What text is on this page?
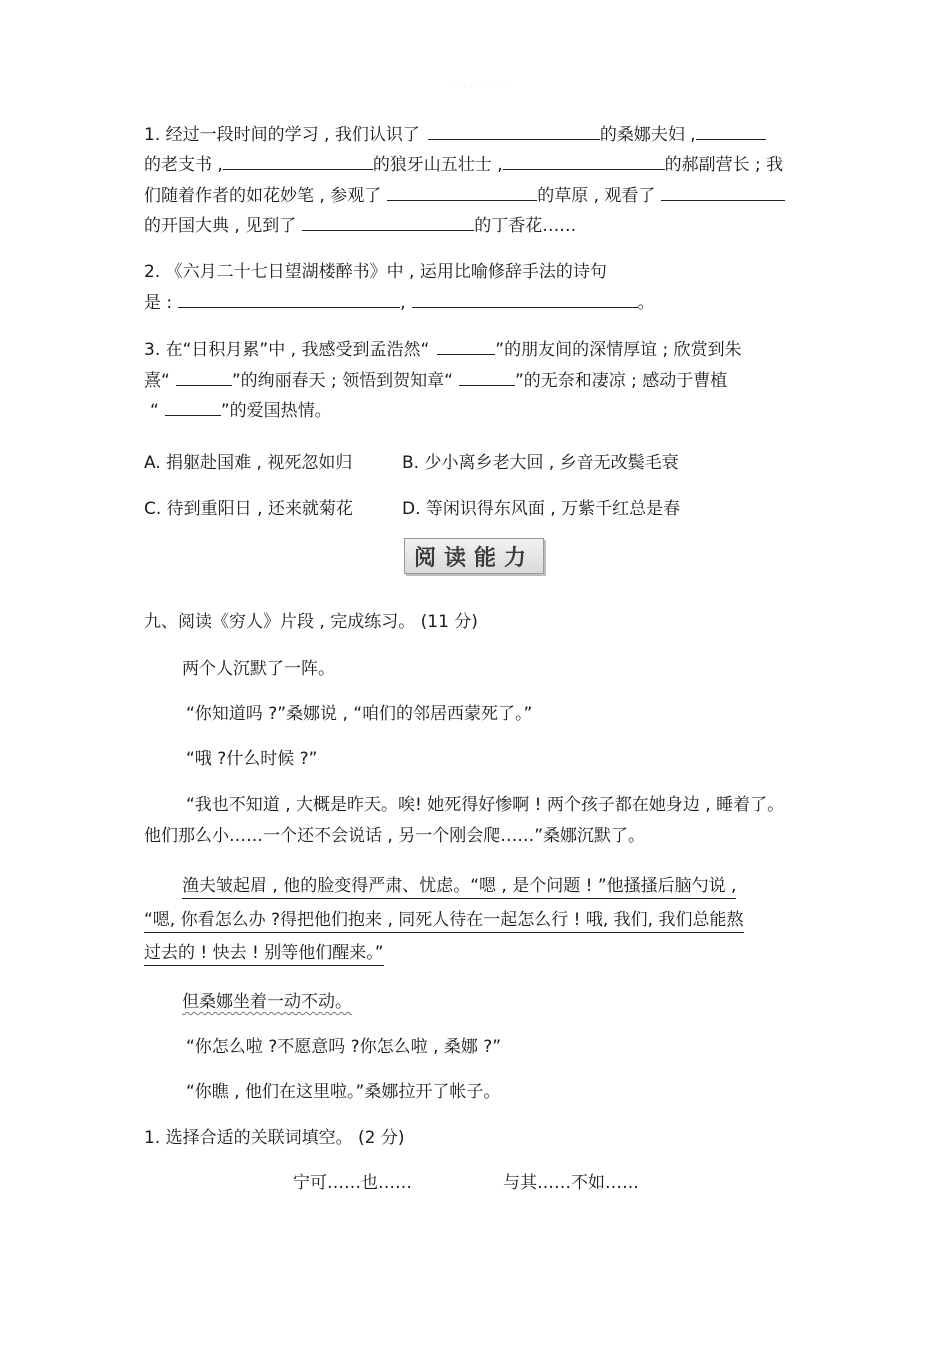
· · · · · · · · · ·
1. 经过一段时间的学习 , 我们认识了	的桑娜夫妇 ,
的老支书 ,	的狼牙山五壮士 ,	的郝副营长 ; 我
们随着作者的如花妙笔 , 参观了	的草原 , 观看了
的开国大典 , 见到了	的丁香花……
2. 《六月二十七日望湖楼醉书》中 , 运用比喻修辞手法的诗句
是 :	,	。
3. 在“日积月累”中 , 我感受到孟浩然“	”的朋友间的深情厚谊 ; 欣赏到朱
熹“	”的绚丽春天 ; 领悟到贺知章“	”的无奈和凄凉 ; 感动于曹植
“	”的爱国热情。
A. 捐躯赴国难 , 视死忽如归	B. 少小离乡老大回 , 乡音无改鬓毛衰
C. 待到重阳日 , 还来就菊花	D. 等闲识得东风面 , 万紫千红总是春
阅读能力
九、阅读《穷人》片段 , 完成练习。 (11 分)
两个人沉默了一阵。
“你知道吗 ?”桑娜说 , “咱们的邻居西蒙死了。”
“哦 ?什么时候 ?”
“我也不知道 , 大概是昨天。唉! 她死得好惨啊 ! 两个孩子都在她身边 , 睡着了。
他们那么小……一个还不会说话 , 另一个刚会爬……”桑娜沉默了。
渔夫皱起眉 , 他的脸变得严肃、忧虑。“嗯 , 是个问题 ! ”他搔搔后脑勺说 ,
“嗯, 你看怎么办 ?得把他们抱来 , 同死人待在一起怎么行 ! 哦, 我们, 我们总能熬
过去的 ! 快去 ! 别等他们醒来。”
但桑娜坐着一动不动。
“你怎么啦 ?不愿意吗 ?你怎么啦 , 桑娜 ?”
“你瞧 , 他们在这里啦。”桑娜拉开了帐子。
1. 选择合适的关联词填空。 (2 分)
宁可……也……	与其……不如……
